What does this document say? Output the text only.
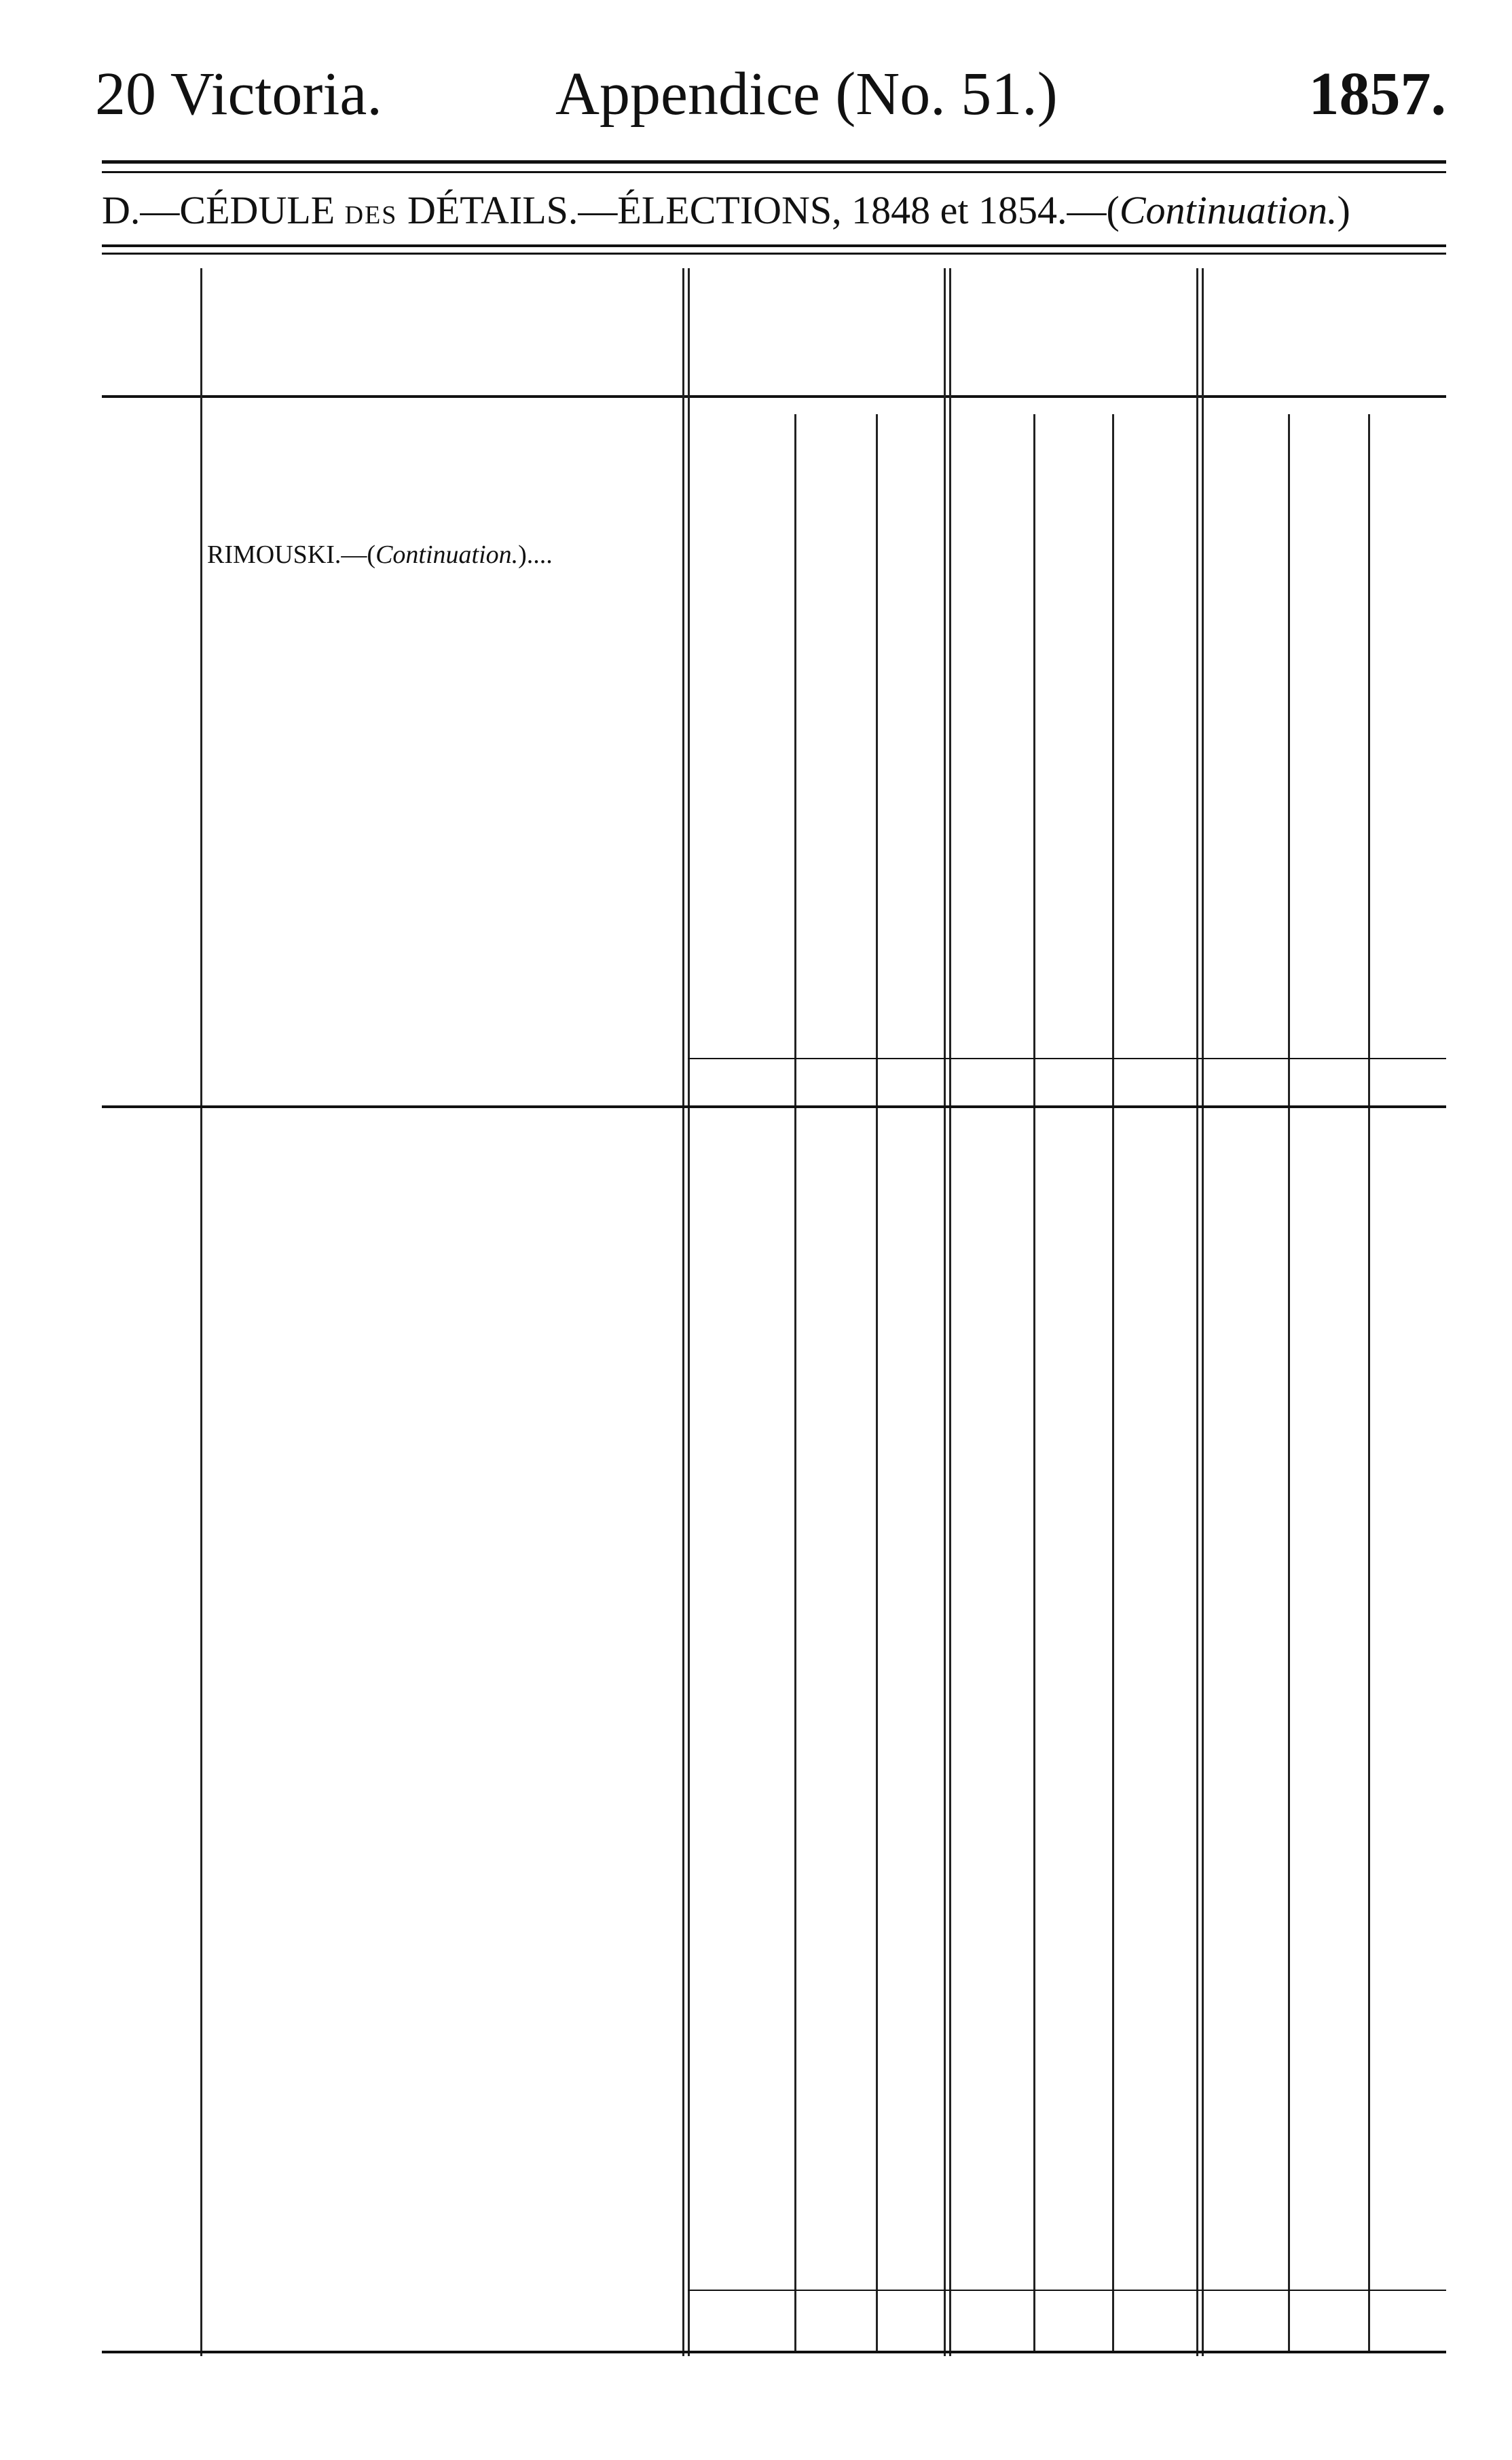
20 Victoria.	Appendice (No. 51.)	1857.
D.—CÉDULE DES DÉTAILS.—ÉLECTIONS, 1848 et 1854.—(Continuation.)
RIMOUSKI.—(Continuation.)....
